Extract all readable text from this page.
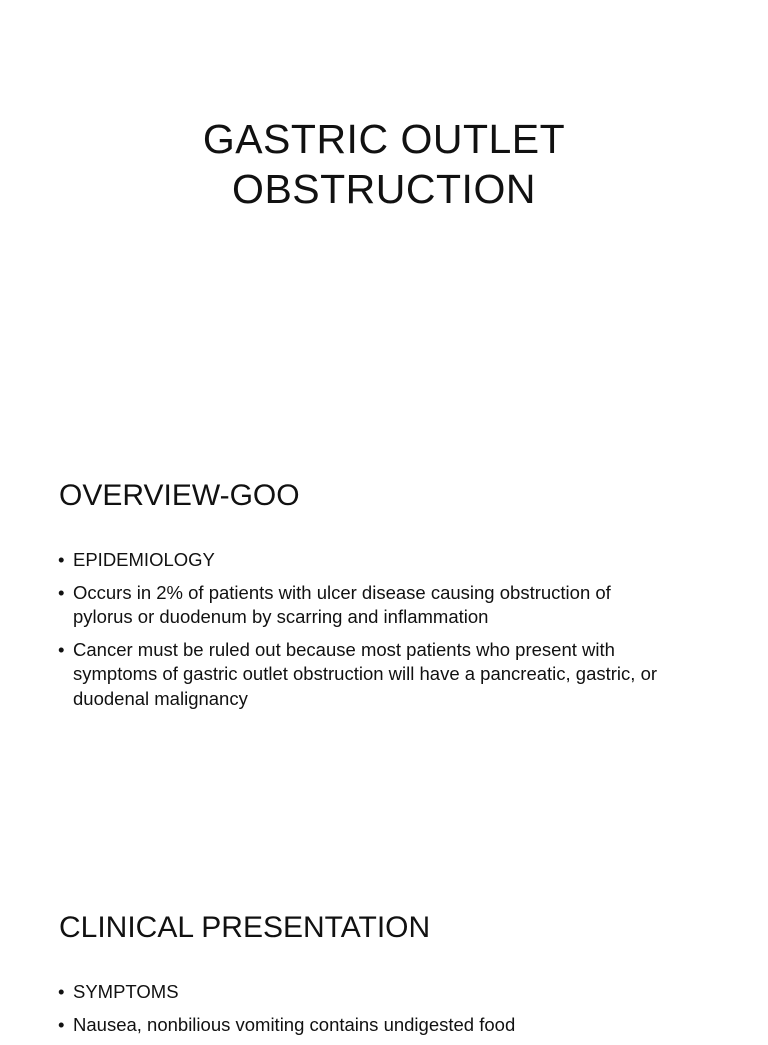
GASTRIC OUTLET
OBSTRUCTION
OVERVIEW-GOO
• EPIDEMIOLOGY
• Occurs in 2% of patients with ulcer disease causing obstruction of pylorus or duodenum by scarring and inflammation
• Cancer must be ruled out because most patients who present with symptoms of gastric outlet obstruction will have a pancreatic, gastric, or duodenal malignancy
CLINICAL PRESENTATION
• SYMPTOMS
• Nausea, nonbilious vomiting contains undigested food
